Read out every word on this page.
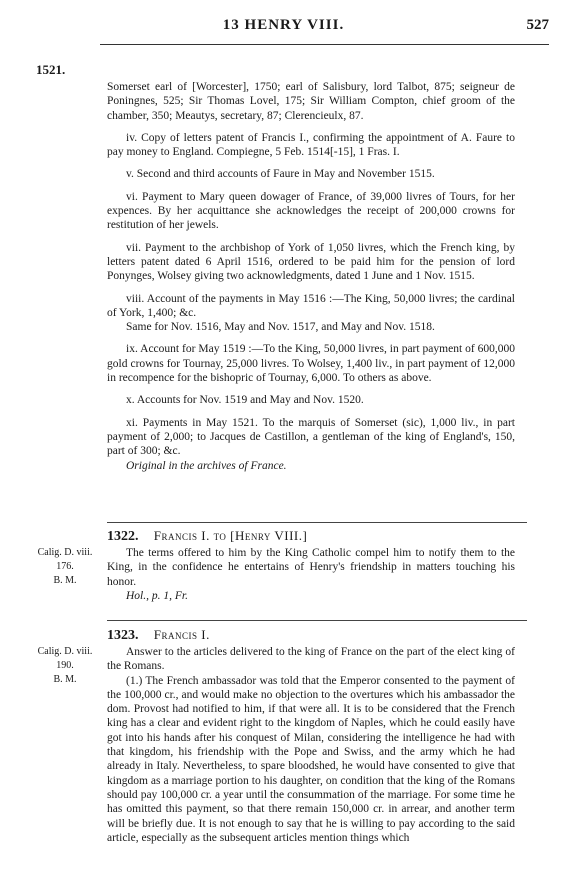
13 HENRY VIII.	527
1521.

Somerset earl of [Worcester], 1750; earl of Salisbury, lord Talbot, 875; seigneur de Poningnes, 525; Sir Thomas Lovel, 175; Sir William Compton, chief groom of the chamber, 350; Meautys, secretary, 87; Clerencieulx, 87.

iv. Copy of letters patent of Francis I., confirming the appointment of A. Faure to pay money to England. Compiegne, 5 Feb. 1514[-15], 1 Fras. I.

v. Second and third accounts of Faure in May and November 1515.

vi. Payment to Mary queen dowager of France, of 39,000 livres of Tours, for her expences. By her acquittance she acknowledges the receipt of 200,000 crowns for restitution of her jewels.

vii. Payment to the archbishop of York of 1,050 livres, which the French king, by letters patent dated 6 April 1516, ordered to be paid him for the pension of lord Ponynges, Wolsey giving two acknowledgments, dated 1 June and 1 Nov. 1515.

viii. Account of the payments in May 1516 :—The King, 50,000 livres; the cardinal of York, 1,400; &c.

Same for Nov. 1516, May and Nov. 1517, and May and Nov. 1518.

ix. Account for May 1519 :—To the King, 50,000 livres, in part payment of 600,000 gold crowns for Tournay, 25,000 livres. To Wolsey, 1,400 liv., in part payment of 12,000 in recompence for the bishopric of Tournay, 6,000. To others as above.

x. Accounts for Nov. 1519 and May and Nov. 1520.

xi. Payments in May 1521. To the marquis of Somerset (sic), 1,000 liv., in part payment of 2,000; to Jacques de Castillon, a gentleman of the king of England's, 150, part of 300; &c.

Original in the archives of France.

1322. Francis I. to [Henry VIII.]
Calig. D. viii.
176.
B. M.

The terms offered to him by the King Catholic compel him to notify them to the King, in the confidence he entertains of Henry's friendship in matters touching his honor.

Hol., p. 1, Fr.

1323. Francis I.
Calig. D. viii.
190.
B. M.

Answer to the articles delivered to the king of France on the part of the elect king of the Romans.

(1.) The French ambassador was told that the Emperor consented to the payment of the 100,000 cr., and would make no objection to the overtures which his ambassador the dom. Provost had notified to him, if that were all. It is to be considered that the French king has a clear and evident right to the kingdom of Naples, which he could easily have got into his hands after his conquest of Milan, considering the intelligence he had with that kingdom, his friendship with the Pope and Swiss, and the army which he had already in Italy. Nevertheless, to spare bloodshed, he would have consented to give that kingdom as a marriage portion to his daughter, on condition that the king of the Romans should pay 100,000 cr. a year until the consummation of the marriage. For some time he has omitted this payment, so that there remain 150,000 cr. in arrear, and another term will be briefly due. It is not enough to say that he is willing to pay according to the said article, especially as the subsequent articles mention things which
